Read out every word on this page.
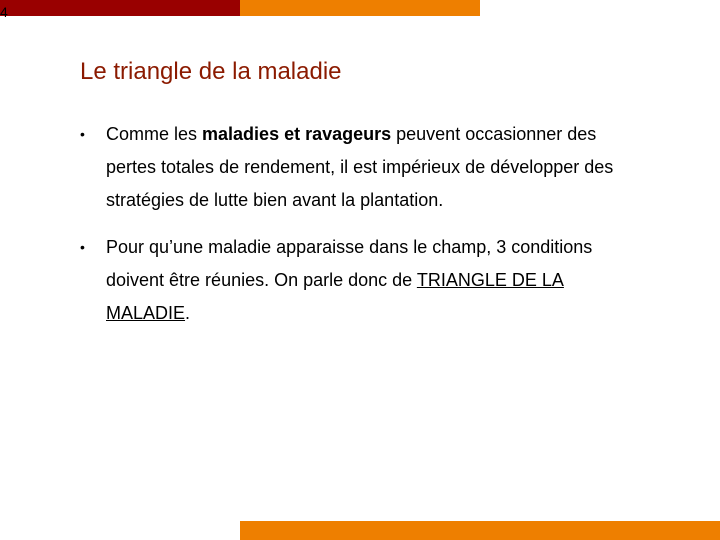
4
Le triangle de la maladie
• Comme les maladies et ravageurs peuvent occasionner des pertes totales de rendement, il est impérieux de développer des stratégies de lutte bien avant la plantation.
• Pour qu’une maladie apparaisse dans le champ, 3 conditions doivent être réunies. On parle donc de TRIANGLE DE LA MALADIE.
